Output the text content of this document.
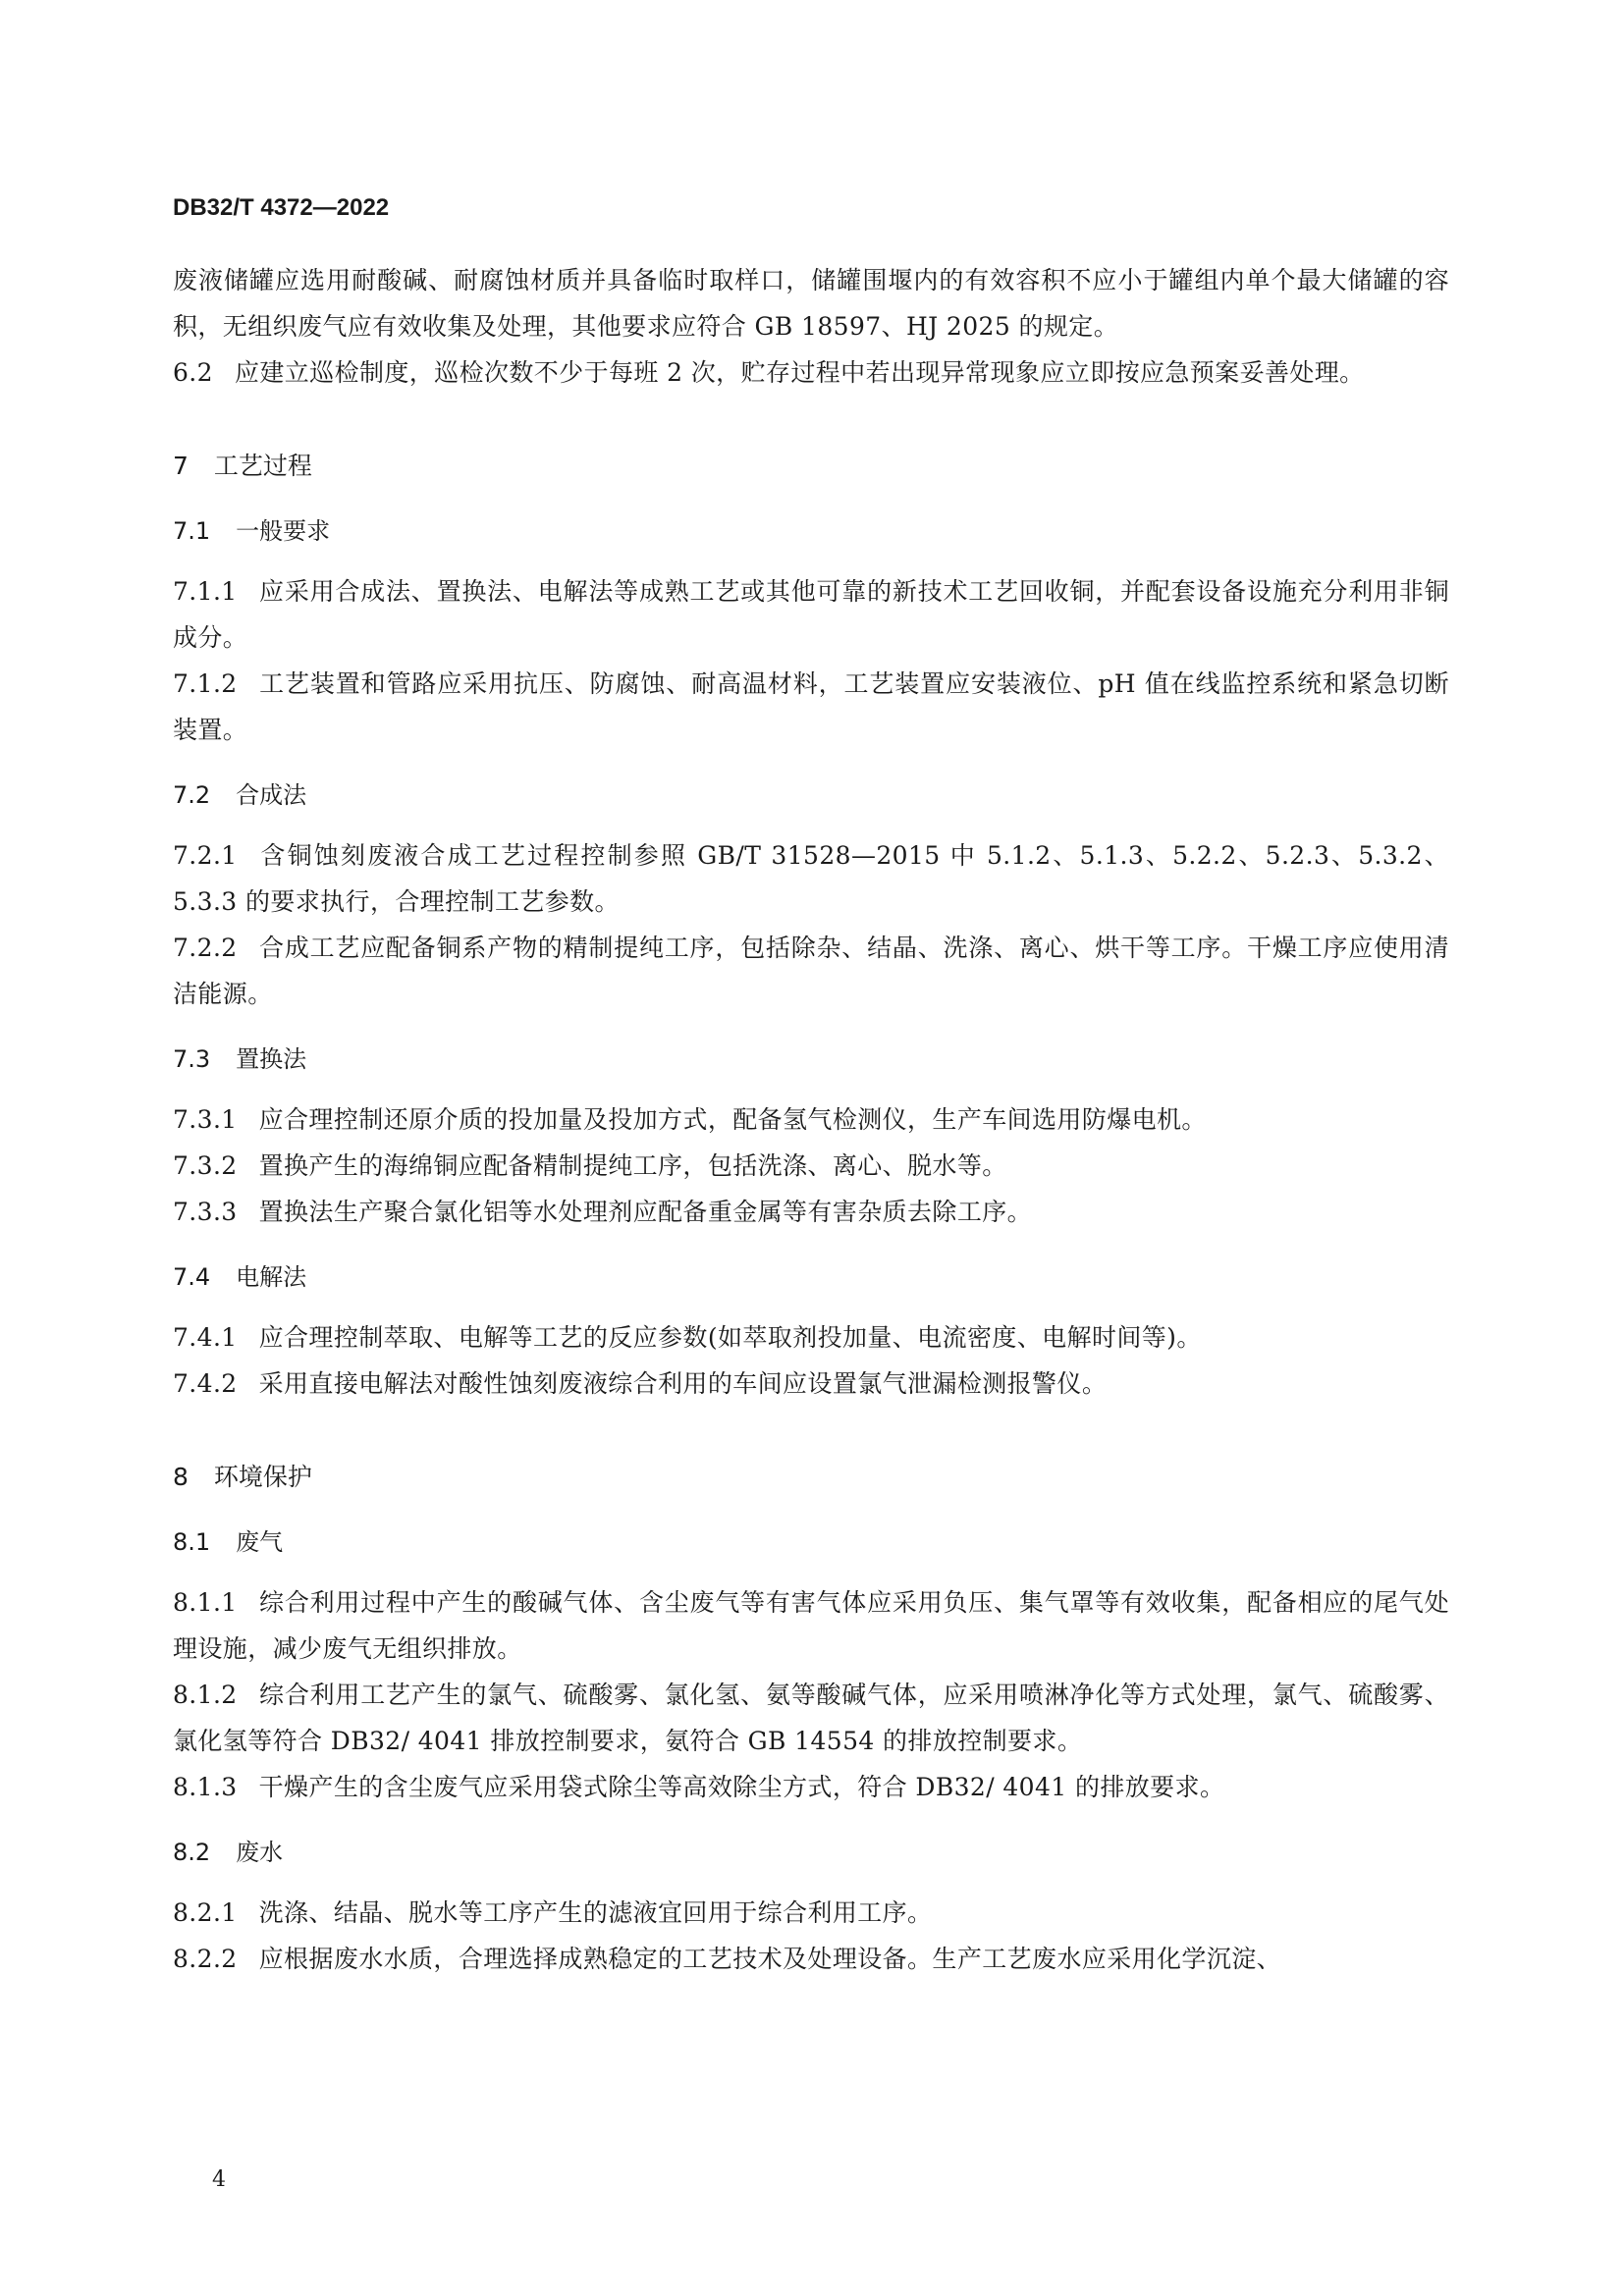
DB32/T 4372—2022

废液储罐应选用耐酸碱、耐腐蚀材质并具备临时取样口，储罐围堰内的有效容积不应小于罐组内单个最大储罐的容积，无组织废气应有效收集及处理，其他要求应符合 GB 18597、HJ 2025 的规定。

6.2 应建立巡检制度，巡检次数不少于每班 2 次，贮存过程中若出现异常现象应立即按应急预案妥善处理。

7 工艺过程
7.1 一般要求

7.1.1 应采用合成法、置换法、电解法等成熟工艺或其他可靠的新技术工艺回收铜，并配套设备设施充分利用非铜成分。

7.1.2 工艺装置和管路应采用抗压、防腐蚀、耐高温材料，工艺装置应安装液位、pH 值在线监控系统和紧急切断装置。

7.2 合成法

7.2.1 含铜蚀刻废液合成工艺过程控制参照 GB/T 31528—2015 中 5.1.2、5.1.3、5.2.2、5.2.3、5.3.2、5.3.3 的要求执行，合理控制工艺参数。

7.2.2 合成工艺应配备铜系产物的精制提纯工序，包括除杂、结晶、洗涤、离心、烘干等工序。干燥工序应使用清洁能源。

7.3 置换法

7.3.1 应合理控制还原介质的投加量及投加方式，配备氢气检测仪，生产车间选用防爆电机。

7.3.2 置换产生的海绵铜应配备精制提纯工序，包括洗涤、离心、脱水等。

7.3.3 置换法生产聚合氯化铝等水处理剂应配备重金属等有害杂质去除工序。

7.4 电解法

7.4.1 应合理控制萃取、电解等工艺的反应参数(如萃取剂投加量、电流密度、电解时间等)。

7.4.2 采用直接电解法对酸性蚀刻废液综合利用的车间应设置氯气泄漏检测报警仪。

8 环境保护
8.1 废气

8.1.1 综合利用过程中产生的酸碱气体、含尘废气等有害气体应采用负压、集气罩等有效收集，配备相应的尾气处理设施，减少废气无组织排放。

8.1.2 综合利用工艺产生的氯气、硫酸雾、氯化氢、氨等酸碱气体，应采用喷淋净化等方式处理，氯气、硫酸雾、氯化氢等符合 DB32/ 4041 排放控制要求，氨符合 GB 14554 的排放控制要求。

8.1.3 干燥产生的含尘废气应采用袋式除尘等高效除尘方式，符合 DB32/ 4041 的排放要求。

8.2 废水

8.2.1 洗涤、结晶、脱水等工序产生的滤液宜回用于综合利用工序。

8.2.2 应根据废水水质，合理选择成熟稳定的工艺技术及处理设备。生产工艺废水应采用化学沉淀、

4
